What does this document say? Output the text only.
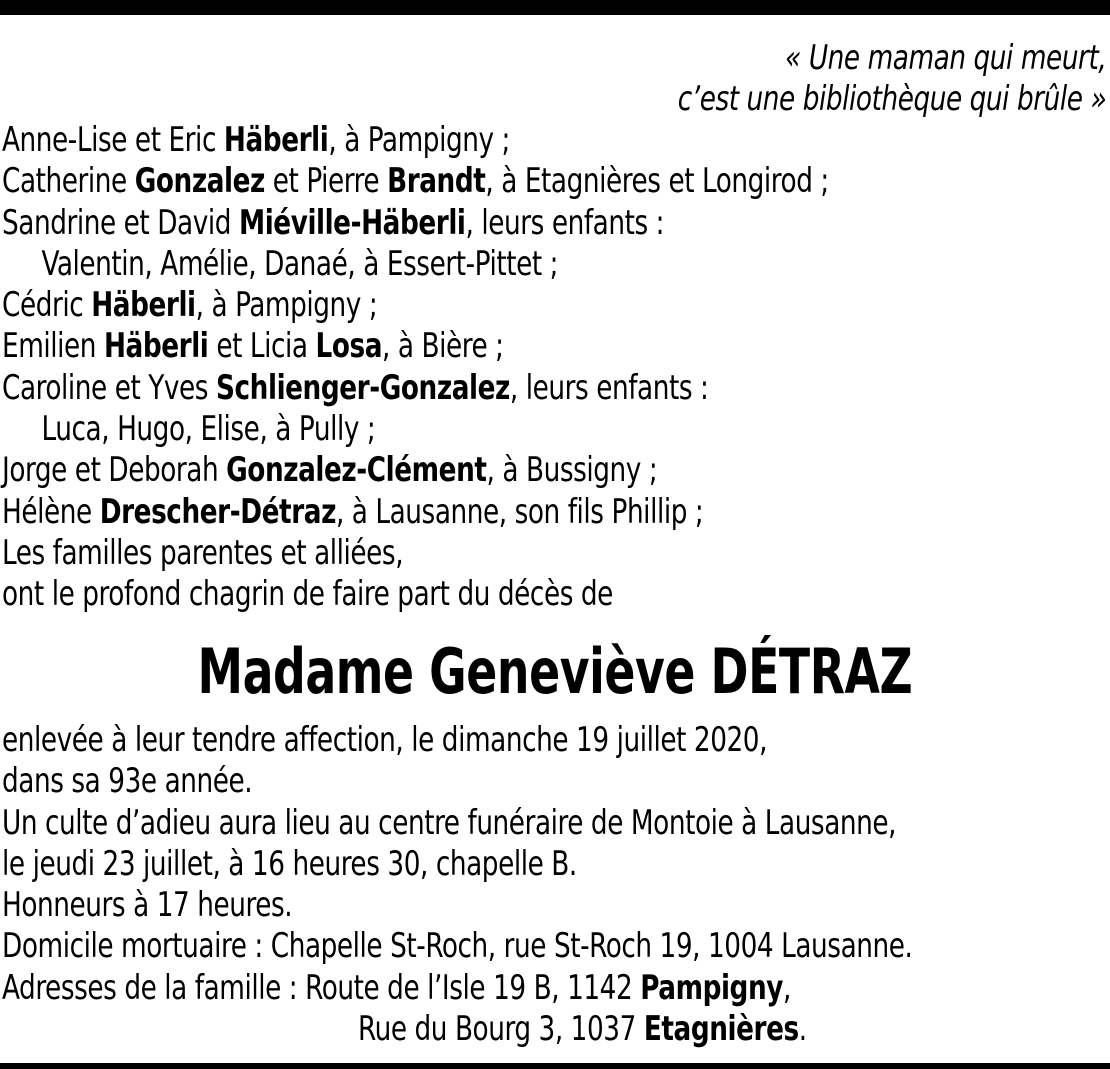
« Une maman qui meurt,
c’est une bibliothèque qui brûle »
Anne-Lise et Eric Häberli, à Pampigny ;
Catherine Gonzalez et Pierre Brandt, à Etagnières et Longirod ;
Sandrine et David Miéville-Häberli, leurs enfants :
Valentin, Amélie, Danaé, à Essert-Pittet ;
Cédric Häberli, à Pampigny ;
Emilien Häberli et Licia Losa, à Bière ;
Caroline et Yves Schlienger-Gonzalez, leurs enfants :
Luca, Hugo, Elise, à Pully ;
Jorge et Deborah Gonzalez-Clément, à Bussigny ;
Hélène Drescher-Détraz, à Lausanne, son fils Phillip ;
Les familles parentes et alliées,
ont le profond chagrin de faire part du décès de
Madame Geneviève DÉTRAZ
enlevée à leur tendre affection, le dimanche 19 juillet 2020,
dans sa 93e année.
Un culte d’adieu aura lieu au centre funéraire de Montoie à Lausanne,
le jeudi 23 juillet, à 16 heures 30, chapelle B.
Honneurs à 17 heures.
Domicile mortuaire : Chapelle St-Roch, rue St-Roch 19, 1004 Lausanne.
Adresses de la famille : Route de l’Isle 19 B, 1142 Pampigny,
Rue du Bourg 3, 1037 Etagnières.
